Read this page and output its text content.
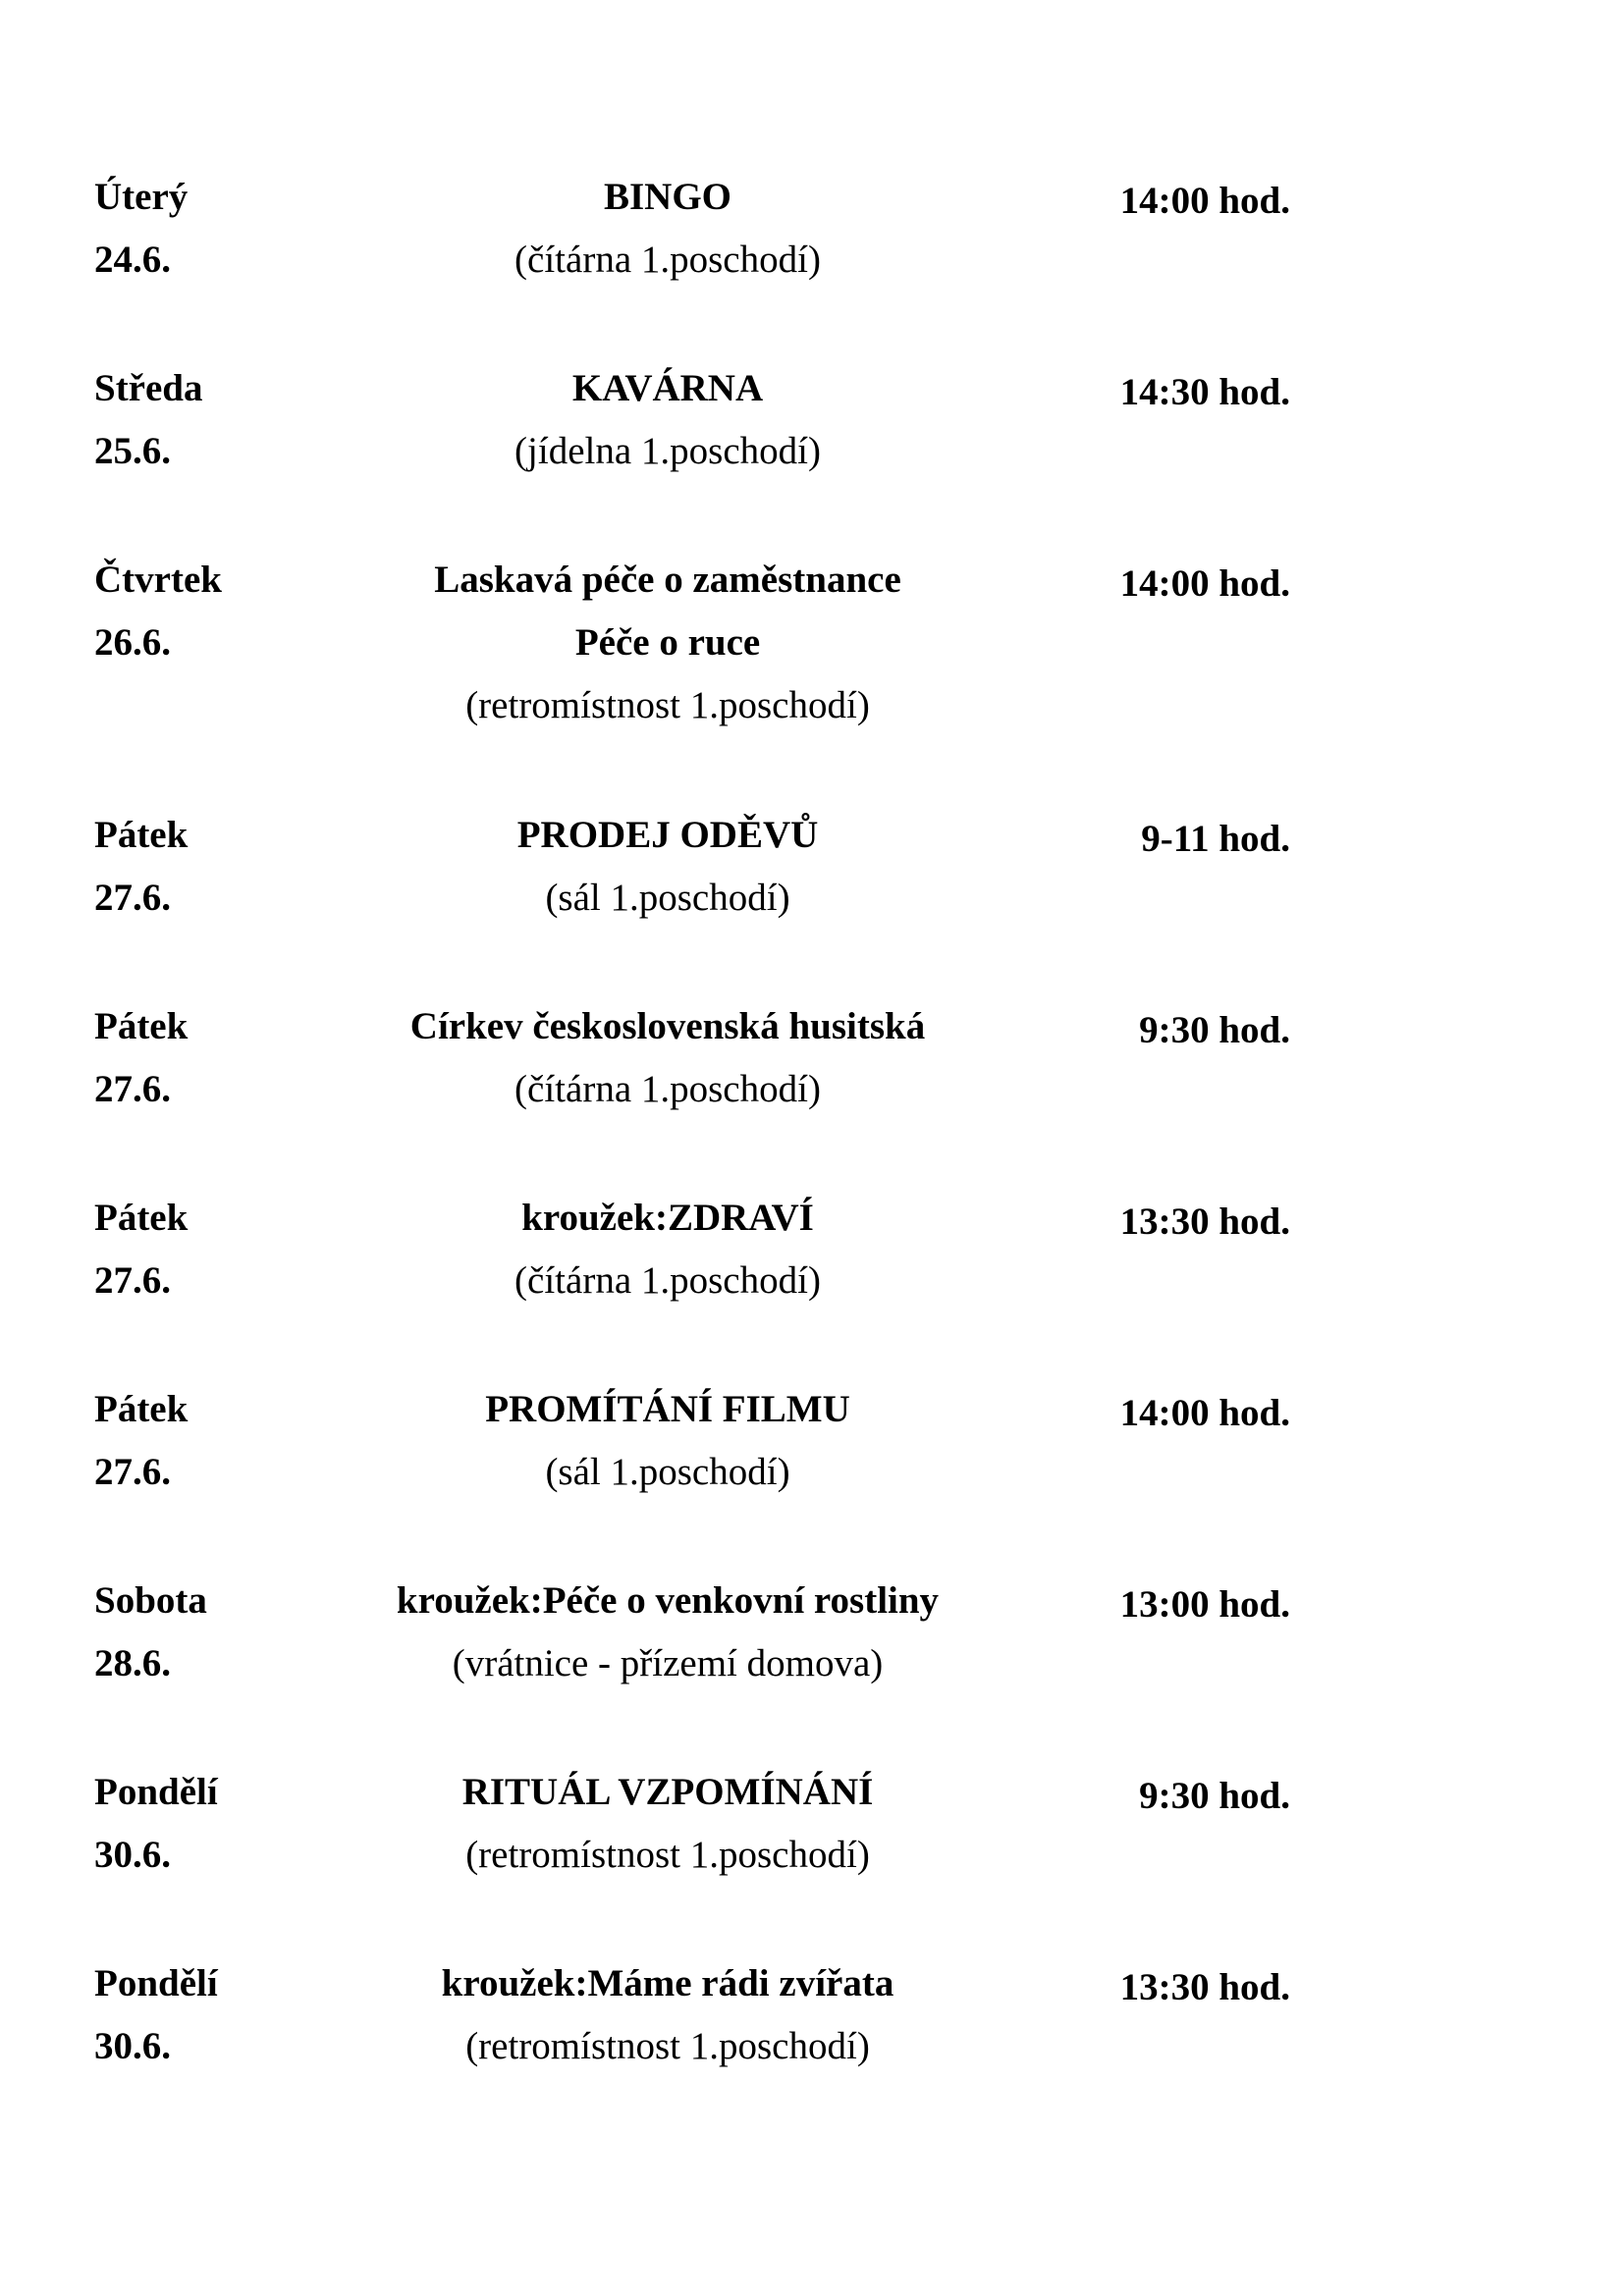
Úterý
24.6.
BINGO
(čítárna 1.poschodí)
14:00 hod.
Středa
25.6.
KAVÁRNA
(jídelna 1.poschodí)
14:30 hod.
Čtvrtek
26.6.
Laskavá péče o zaměstnance
Péče o ruce
(retromístnost 1.poschodí)
14:00 hod.
Pátek
27.6.
PRODEJ ODĚVŮ
(sál 1.poschodí)
9-11 hod.
Pátek
27.6.
Církev československá husitská
(čítárna 1.poschodí)
9:30 hod.
Pátek
27.6.
kroužek:ZDRAVÍ
(čítárna 1.poschodí)
13:30 hod.
Pátek
27.6.
PROMÍTÁNÍ FILMU
(sál 1.poschodí)
14:00 hod.
Sobota
28.6.
kroužek:Péče o venkovní rostliny
(vrátnice - přízemí domova)
13:00 hod.
Pondělí
30.6.
RITUÁL VZPOMÍNÁNÍ
(retromístnost 1.poschodí)
9:30 hod.
Pondělí
30.6.
kroužek:Máme rádi zvířata
(retromístnost 1.poschodí)
13:30 hod.
